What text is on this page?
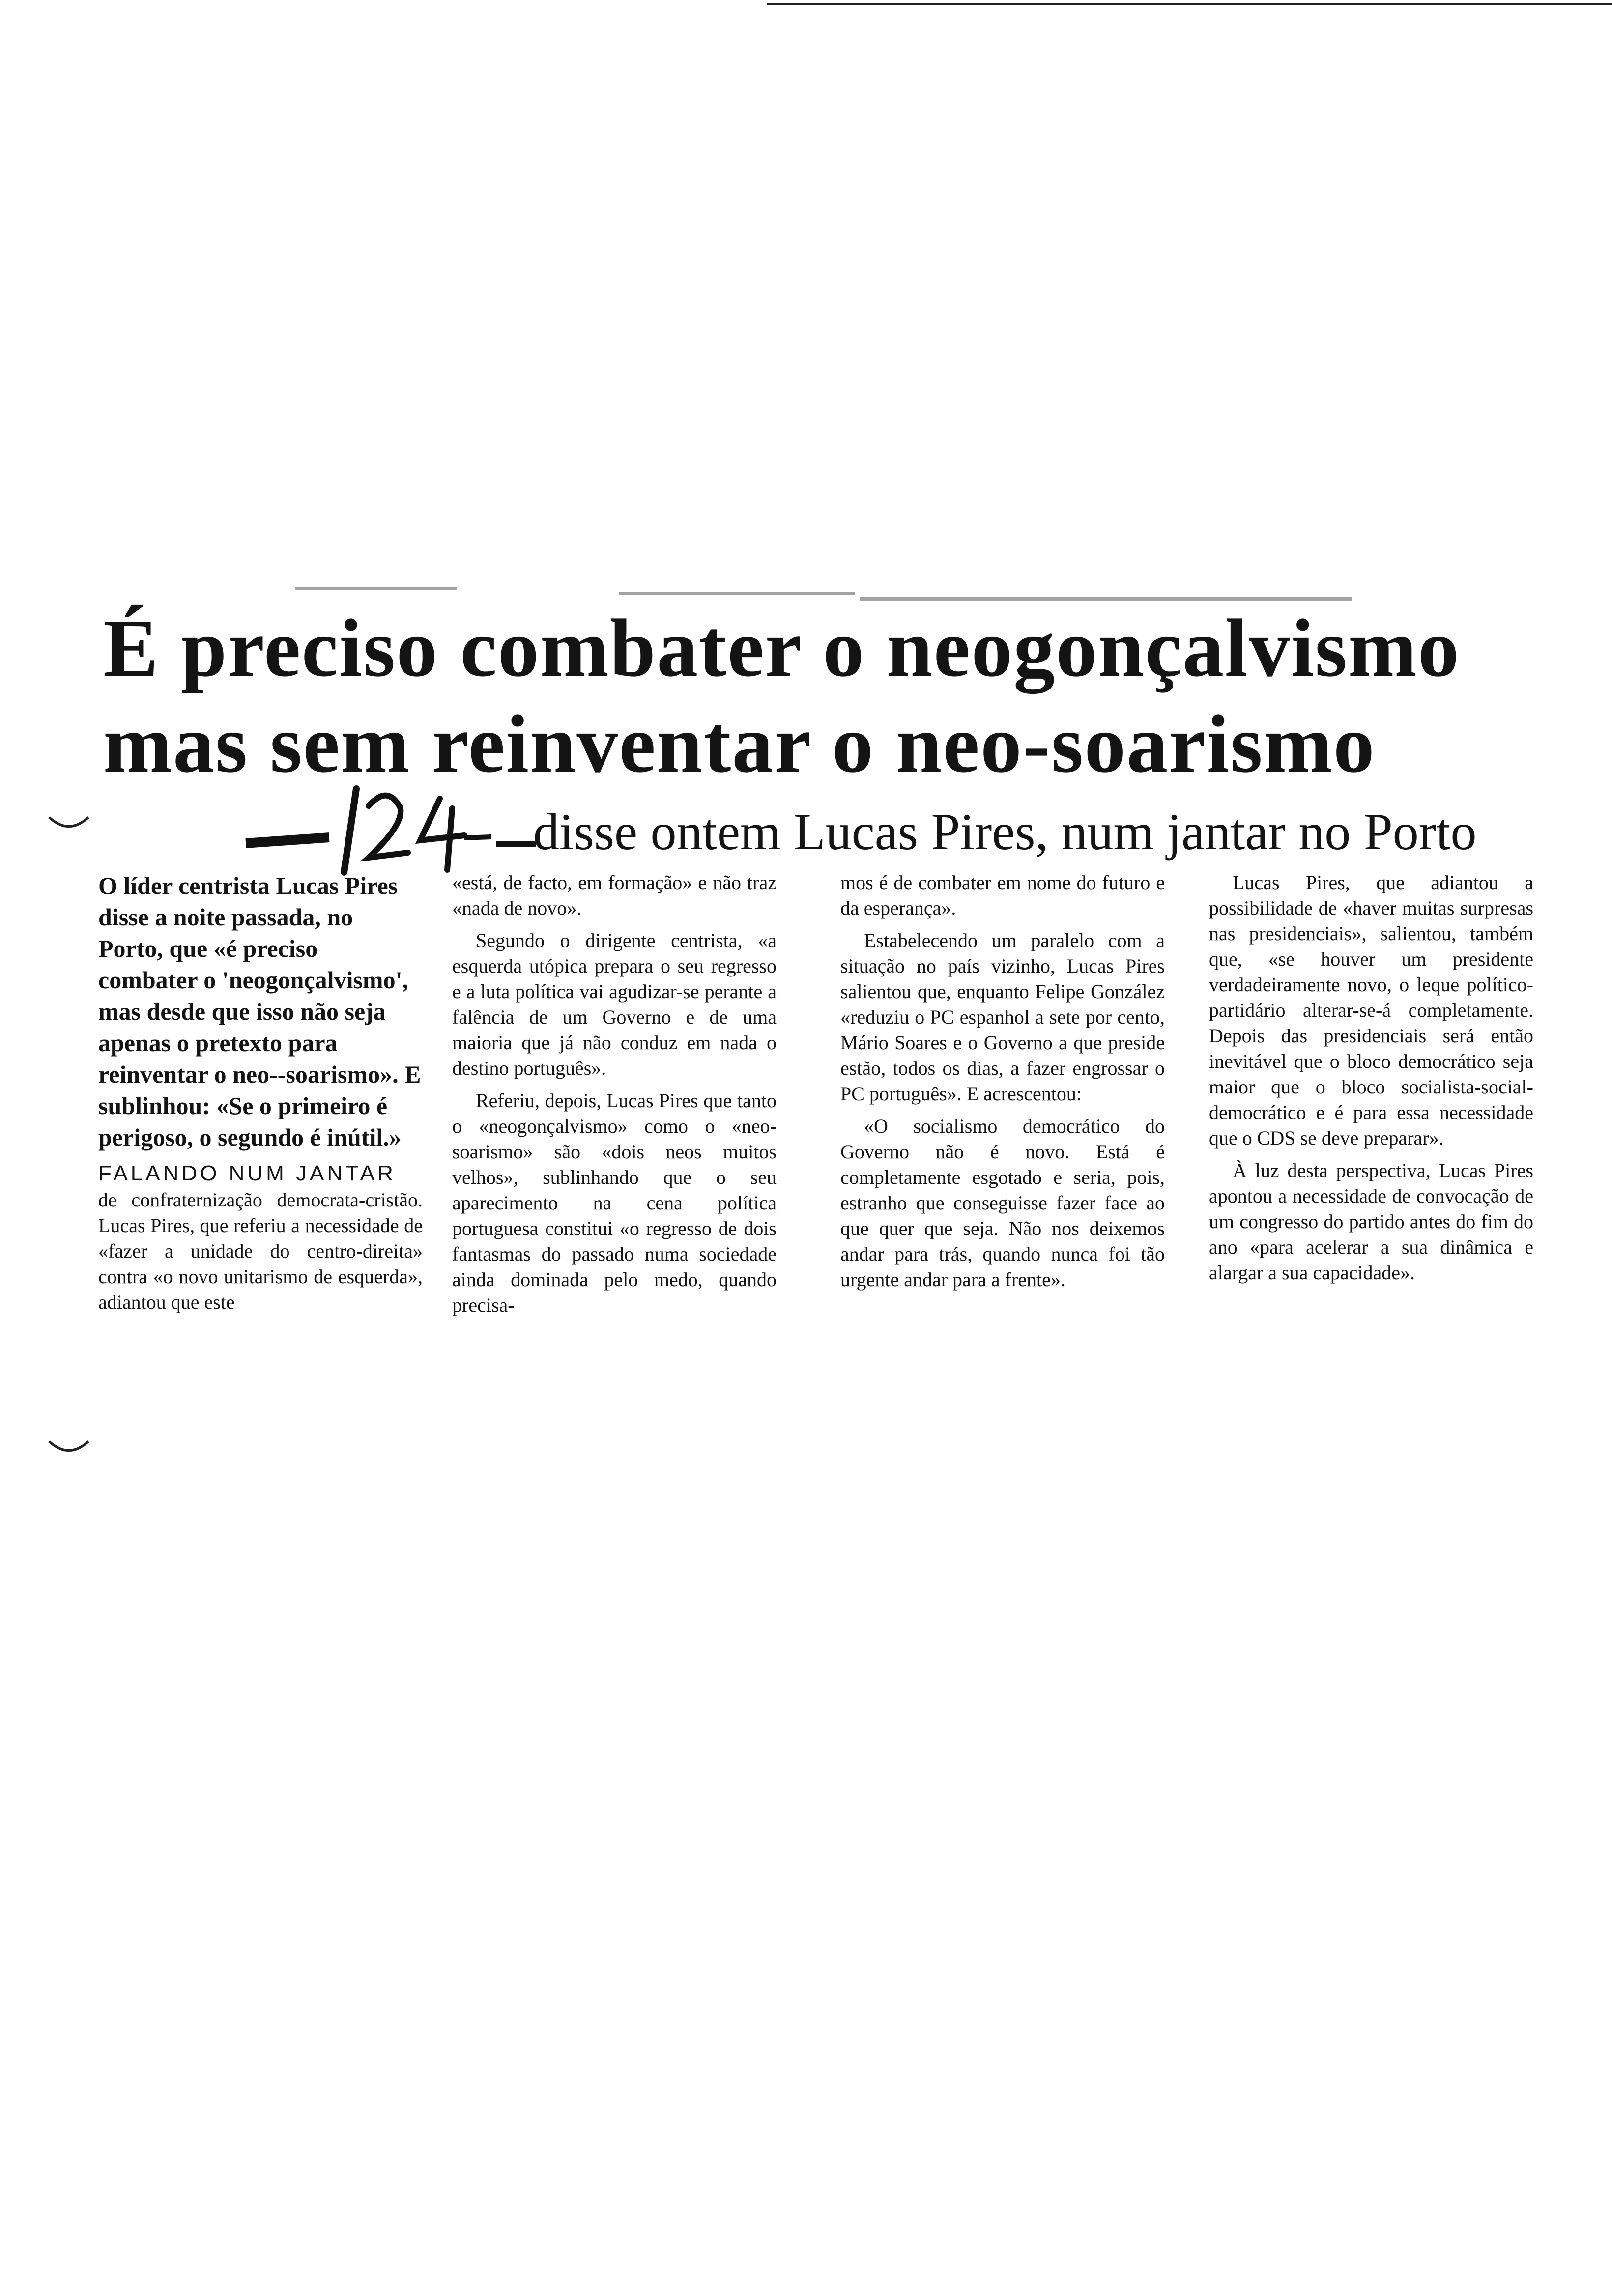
É preciso combater o neogonçalvismo
mas sem reinventar o neo-soarismo
disse ontem Lucas Pires, num jantar no Porto

O líder centrista Lucas Pires disse a noite passada, no Porto, que «é preciso combater o 'neogonçalvismo', mas desde que isso não seja apenas o pretexto para reinventar o neo--soarismo». E sublinhou: «Se o primeiro é perigoso, o segundo é inútil.»

FALANDO NUM JANTAR

de confraternização democrata-cristão. Lucas Pires, que referiu a necessidade de «fazer a unidade do centro-direita» contra «o novo unitarismo de esquerda», adiantou que este

«está, de facto, em formação» e não traz «nada de novo».

Segundo o dirigente centrista, «a esquerda utópica prepara o seu regresso e a luta política vai agudizar-se perante a falência de um Governo e de uma maioria que já não conduz em nada o destino português».

Referiu, depois, Lucas Pires que tanto o «neogonçalvismo» como o «neo-soarismo» são «dois neos muitos velhos», sublinhando que o seu aparecimento na cena política portuguesa constitui «o regresso de dois fantasmas do passado numa sociedade ainda dominada pelo medo, quando precisa-

mos é de combater em nome do futuro e da esperança».

Estabelecendo um paralelo com a situação no país vizinho, Lucas Pires salientou que, enquanto Felipe González «reduziu o PC espanhol a sete por cento, Mário Soares e o Governo a que preside estão, todos os dias, a fazer engrossar o PC português». E acrescentou:

«O socialismo democrático do Governo não é novo. Está é completamente esgotado e seria, pois, estranho que conseguisse fazer face ao que quer que seja. Não nos deixemos andar para trás, quando nunca foi tão urgente andar para a frente».

Lucas Pires, que adiantou a possibilidade de «haver muitas surpresas nas presidenciais», salientou, também que, «se houver um presidente verdadeiramente novo, o leque político-partidário alterar-se-á completamente. Depois das presidenciais será então inevitável que o bloco democrático seja maior que o bloco socialista-social-democrático e é para essa necessidade que o CDS se deve preparar».

À luz desta perspectiva, Lucas Pires apontou a necessidade de convocação de um congresso do partido antes do fim do ano «para acelerar a sua dinâmica e alargar a sua capacidade».
